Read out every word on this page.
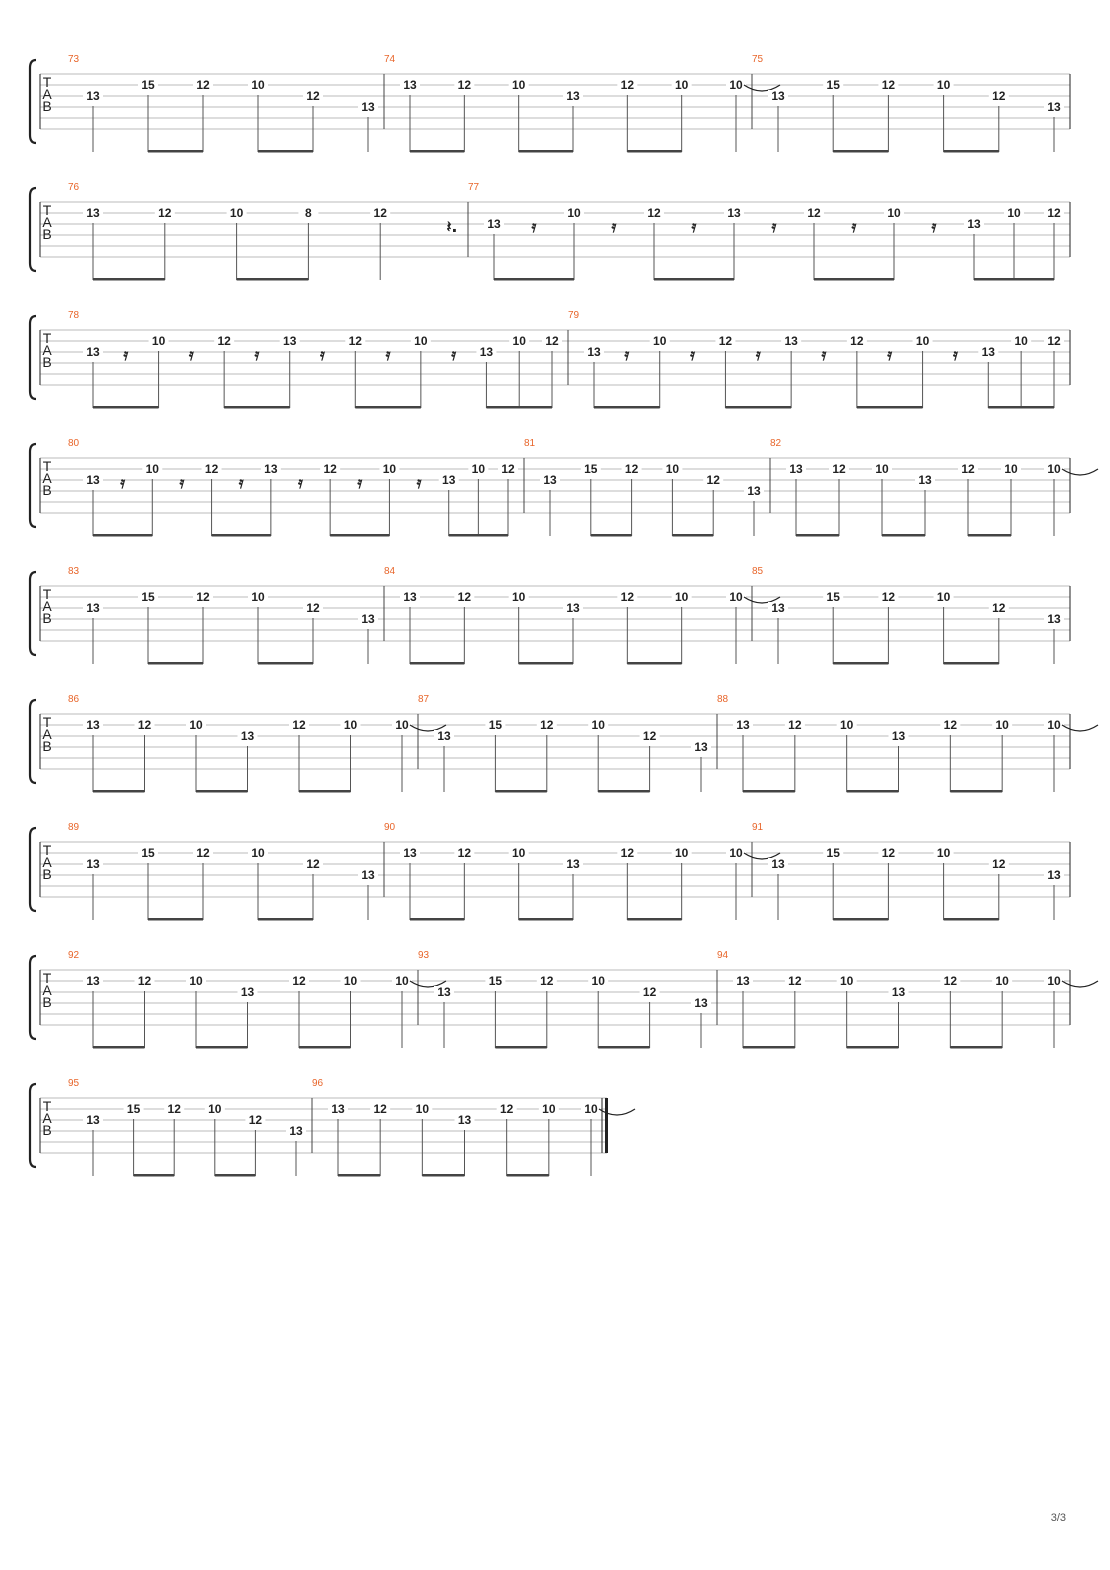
T
A
B
73
13
15	12	10
12
13
74
13	12	10
13
12	10	10
75
13
15	12	10
12
13
T
A
B
76
13	12	10	8	12
𝄽.
77
13 𝄿
10
𝄿
12
𝄿
13
𝄿
12
𝄿
10
𝄿	13
10 12
T
A
B
78
13 𝄿
10
𝄿
12
𝄿
13
𝄿
12
𝄿
10
𝄿 13
10 12
79
13 𝄿
10
𝄿
12
𝄿
13
𝄿
12
𝄿
10
𝄿 13
10 12
T
A
B
80
13 𝄿
10
𝄿
12
𝄿
13
𝄿
12
𝄿
10
𝄿 13
10 12
81
13
15 12 10
12
13
82
13 12 10
13
12 10 10
T
A
B
83
13
15	12	10
12
13
84
13	12	10
13
12	10	10
85
13
15	12	10
12
13
T
A
B
86
13	12	10
13
12	10	10
87
13
15	12	10
12
13
88
13	12	10
13
12	10	10
T
A
B
89
13
15	12	10
12
13
90
13	12	10
13
12	10	10
91
13
15	12	10
12
13
T
A
B
92
13	12	10
13
12	10	10
93
13
15	12	10
12
13
94
13	12	10
13
12	10	10
T
A
B
95
13
15 12 10
12
13
96
13 12 10
13
12 10 10
3/3
